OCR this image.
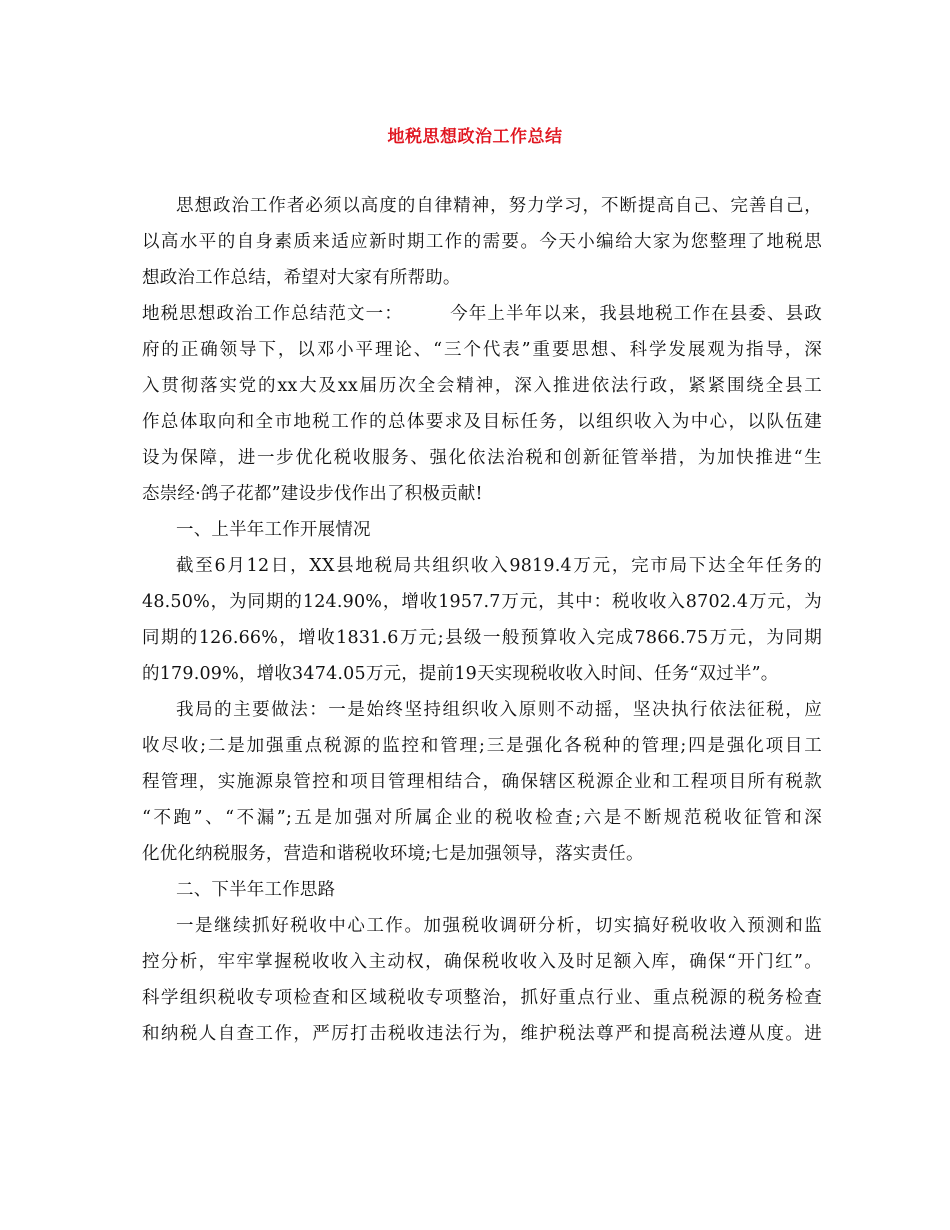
地税思想政治工作总结
思想政治工作者必须以高度的自律精神，努力学习，不断提高自己、完善自己，
以高水平的自身素质来适应新时期工作的需要。今天小编给大家为您整理了地税思
想政治工作总结，希望对大家有所帮助。
地税思想政治工作总结范文一：　　　今年上半年以来，我县地税工作在县委、县政
府的正确领导下，以邓小平理论、“三个代表”重要思想、科学发展观为指导，深
入贯彻落实党的xx大及xx届历次全会精神，深入推进依法行政，紧紧围绕全县工
作总体取向和全市地税工作的总体要求及目标任务，以组织收入为中心，以队伍建
设为保障，进一步优化税收服务、强化依法治税和创新征管举措，为加快推进“生
态崇经·鸽子花都”建设步伐作出了积极贡献!
一、上半年工作开展情况
截至6月12日，XX县地税局共组织收入9819.4万元，完市局下达全年任务的
48.50%，为同期的124.90%，增收1957.7万元，其中：税收收入8702.4万元，为
同期的126.66%，增收1831.6万元;县级一般预算收入完成7866.75万元，为同期
的179.09%，增收3474.05万元，提前19天实现税收收入时间、任务“双过半”。
我局的主要做法：一是始终坚持组织收入原则不动摇，坚决执行依法征税，应
收尽收;二是加强重点税源的监控和管理;三是强化各税种的管理;四是强化项目工
程管理，实施源泉管控和项目管理相结合，确保辖区税源企业和工程项目所有税款
“不跑”、“不漏”;五是加强对所属企业的税收检查;六是不断规范税收征管和深
化优化纳税服务，营造和谐税收环境;七是加强领导，落实责任。
二、下半年工作思路
一是继续抓好税收中心工作。加强税收调研分析，切实搞好税收收入预测和监
控分析，牢牢掌握税收收入主动权，确保税收收入及时足额入库，确保“开门红”。
科学组织税收专项检查和区域税收专项整治，抓好重点行业、重点税源的税务检查
和纳税人自查工作，严厉打击税收违法行为，维护税法尊严和提高税法遵从度。进
